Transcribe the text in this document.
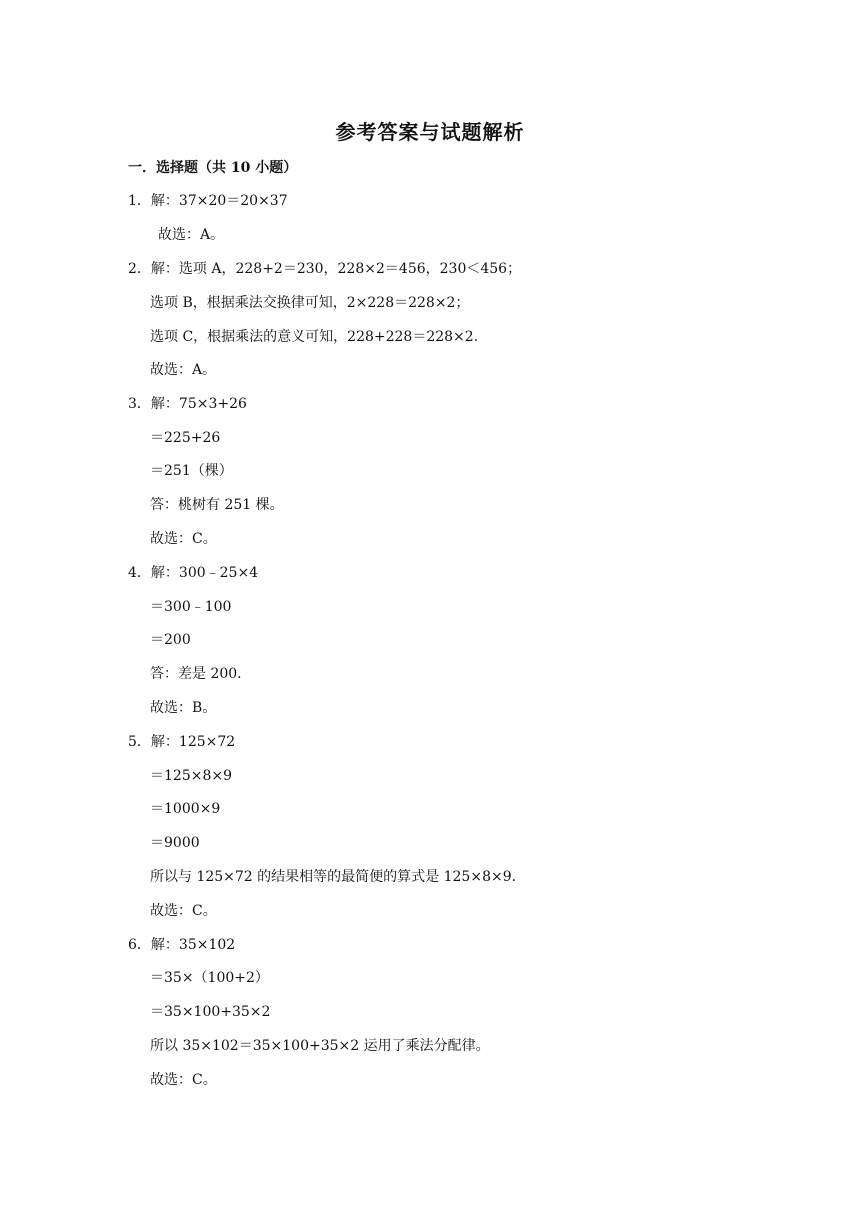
参考答案与试题解析
一．选择题（共 10 小题）
1．解：37×20＝20×37
故选：A。
2．解：选项 A，228+2＝230，228×2＝456，230＜456；
选项 B，根据乘法交换律可知，2×228＝228×2；
选项 C，根据乘法的意义可知，228+228＝228×2.
故选：A。
3．解：75×3+26
＝225+26
＝251（棵）
答：桃树有 251 棵。
故选：C。
4．解：300﹣25×4
＝300﹣100
＝200
答：差是 200．
故选：B。
5．解：125×72
＝125×8×9
＝1000×9
＝9000
所以与 125×72 的结果相等的最简便的算式是 125×8×9．
故选：C。
6．解：35×102
＝35×（100+2）
＝35×100+35×2
所以 35×102＝35×100+35×2 运用了乘法分配律。
故选：C。
